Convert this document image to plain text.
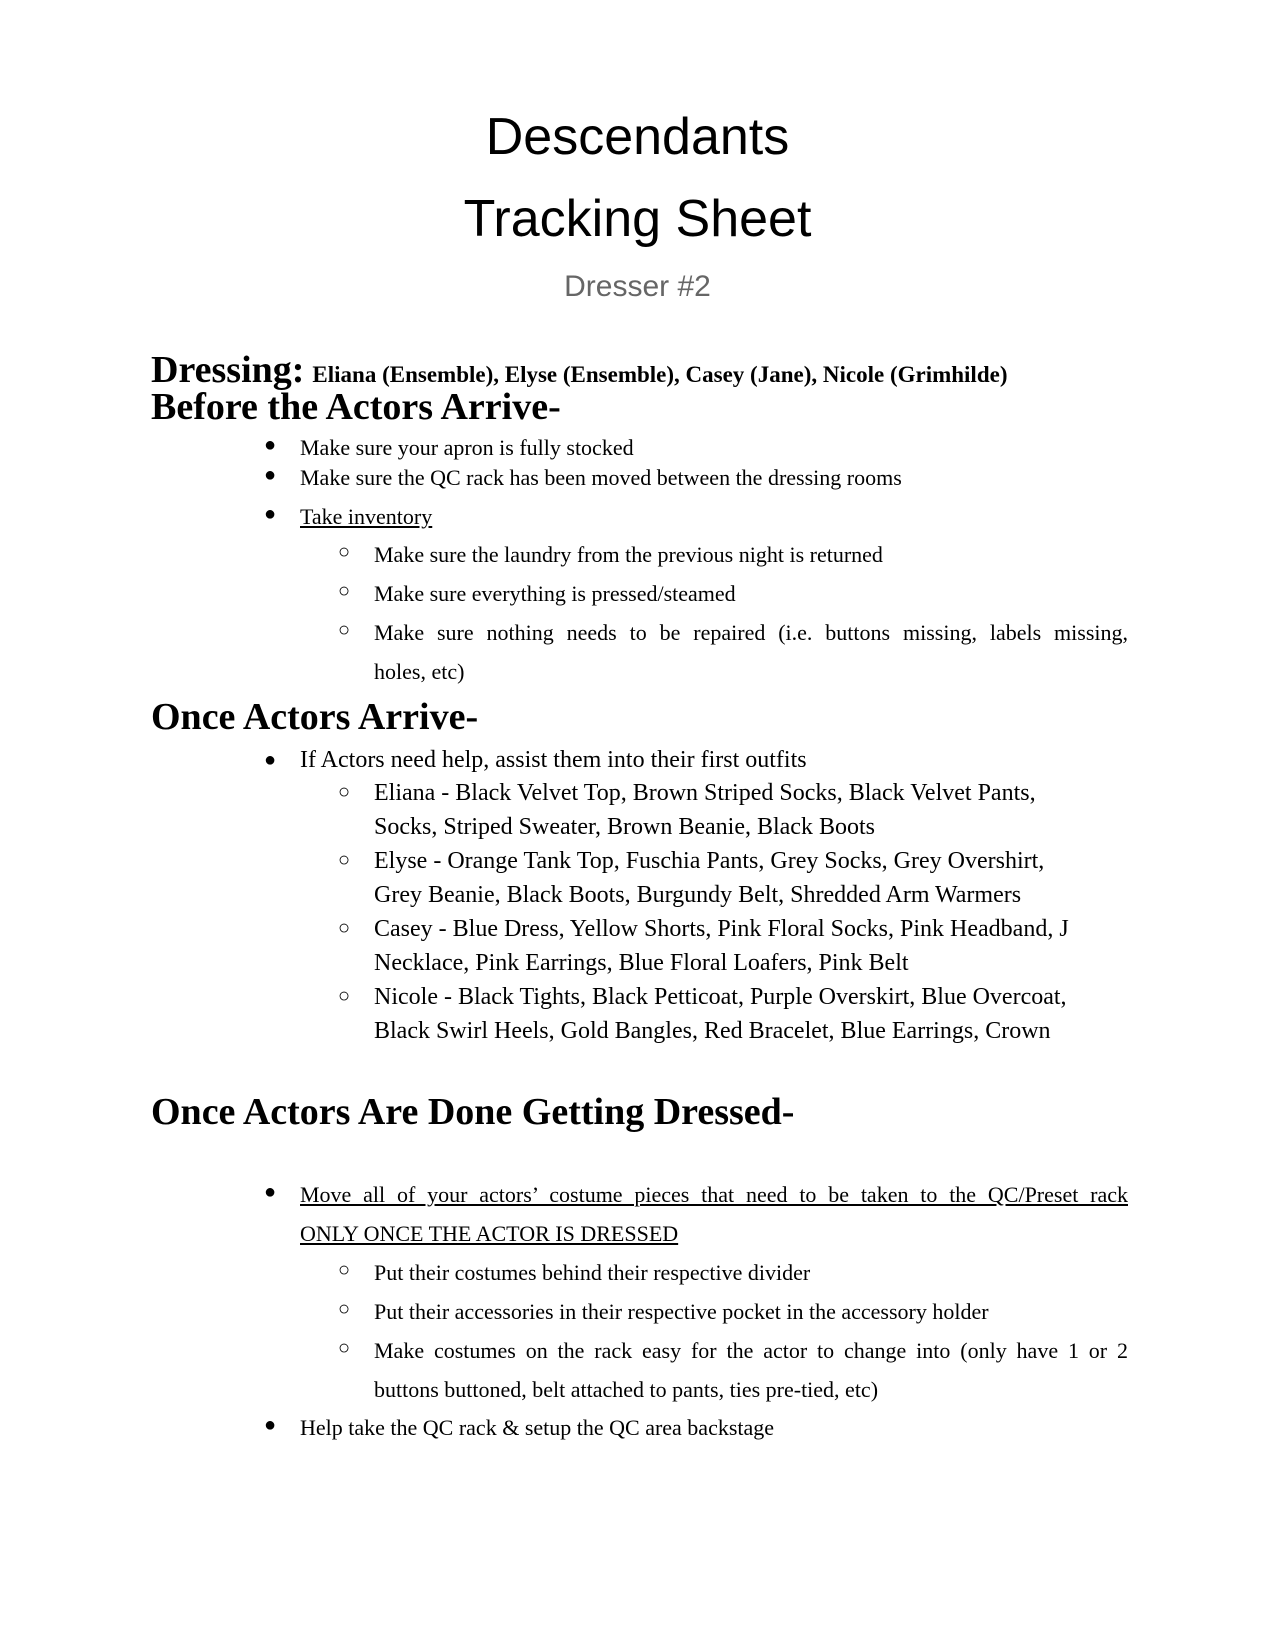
Descendants
Tracking Sheet
Dresser #2
Dressing: Eliana (Ensemble), Elyse (Ensemble), Casey (Jane), Nicole (Grimhilde)
Before the Actors Arrive-
●	Make sure your apron is fully stocked
●	Make sure the QC rack has been moved between the dressing rooms
●	Take inventory
○	Make sure the laundry from the previous night is returned
○	Make sure everything is pressed/steamed
○	Make sure nothing needs to be repaired (i.e. buttons missing, labels missing,
holes, etc)
Once Actors Arrive-
● If Actors need help, assist them into their first outfits
○ Eliana - Black Velvet Top, Brown Striped Socks, Black Velvet Pants,
Socks, Striped Sweater, Brown Beanie, Black Boots
○ Elyse - Orange Tank Top, Fuschia Pants, Grey Socks, Grey Overshirt,
Grey Beanie, Black Boots, Burgundy Belt, Shredded Arm Warmers
○ Casey - Blue Dress, Yellow Shorts, Pink Floral Socks, Pink Headband, J
Necklace, Pink Earrings, Blue Floral Loafers, Pink Belt
○ Nicole - Black Tights, Black Petticoat, Purple Overskirt, Blue Overcoat,
Black Swirl Heels, Gold Bangles, Red Bracelet, Blue Earrings, Crown
Once Actors Are Done Getting Dressed-
●	Move all of your actors’ costume pieces that need to be taken to the QC/Preset rack
ONLY ONCE THE ACTOR IS DRESSED
○	Put their costumes behind their respective divider
○	Put their accessories in their respective pocket in the accessory holder
○	Make costumes on the rack easy for the actor to change into (only have 1 or 2
buttons buttoned, belt attached to pants, ties pre-tied, etc)
●	Help take the QC rack & setup the QC area backstage
